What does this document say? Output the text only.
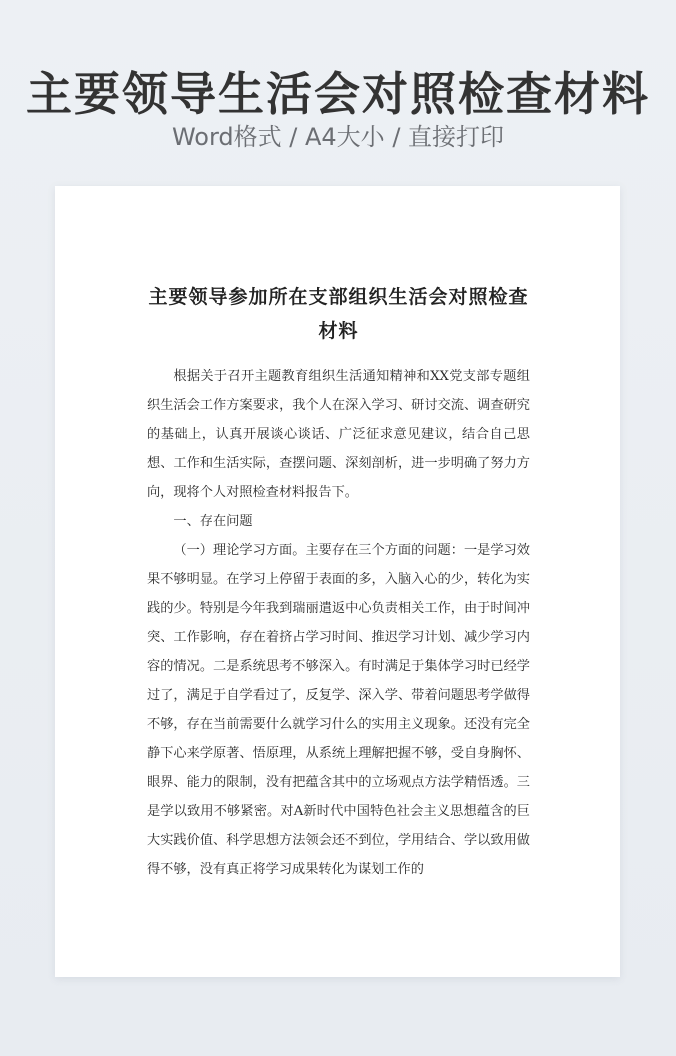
主要领导生活会对照检查材料
Word格式 / A4大小 / 直接打印
主要领导参加所在支部组织生活会对照检查材料

根据关于召开主题教育组织生活通知精神和XX党支部专题组织生活会工作方案要求，我个人在深入学习、研讨交流、调查研究的基础上，认真开展谈心谈话、广泛征求意见建议，结合自己思想、工作和生活实际，查摆问题、深刻剖析，进一步明确了努力方向，现将个人对照检查材料报告下。

一、存在问题

（一）理论学习方面。主要存在三个方面的问题：一是学习效果不够明显。在学习上停留于表面的多，入脑入心的少，转化为实践的少。特别是今年我到瑞丽遣返中心负责相关工作，由于时间冲突、工作影响，存在着挤占学习时间、推迟学习计划、减少学习内容的情况。二是系统思考不够深入。有时满足于集体学习时已经学过了，满足于自学看过了，反复学、深入学、带着问题思考学做得不够，存在当前需要什么就学习什么的实用主义现象。还没有完全静下心来学原著、悟原理，从系统上理解把握不够，受自身胸怀、眼界、能力的限制，没有把蕴含其中的立场观点方法学精悟透。三是学以致用不够紧密。对A新时代中国特色社会主义思想蕴含的巨大实践价值、科学思想方法领会还不到位，学用结合、学以致用做得不够，没有真正将学习成果转化为谋划工作的
